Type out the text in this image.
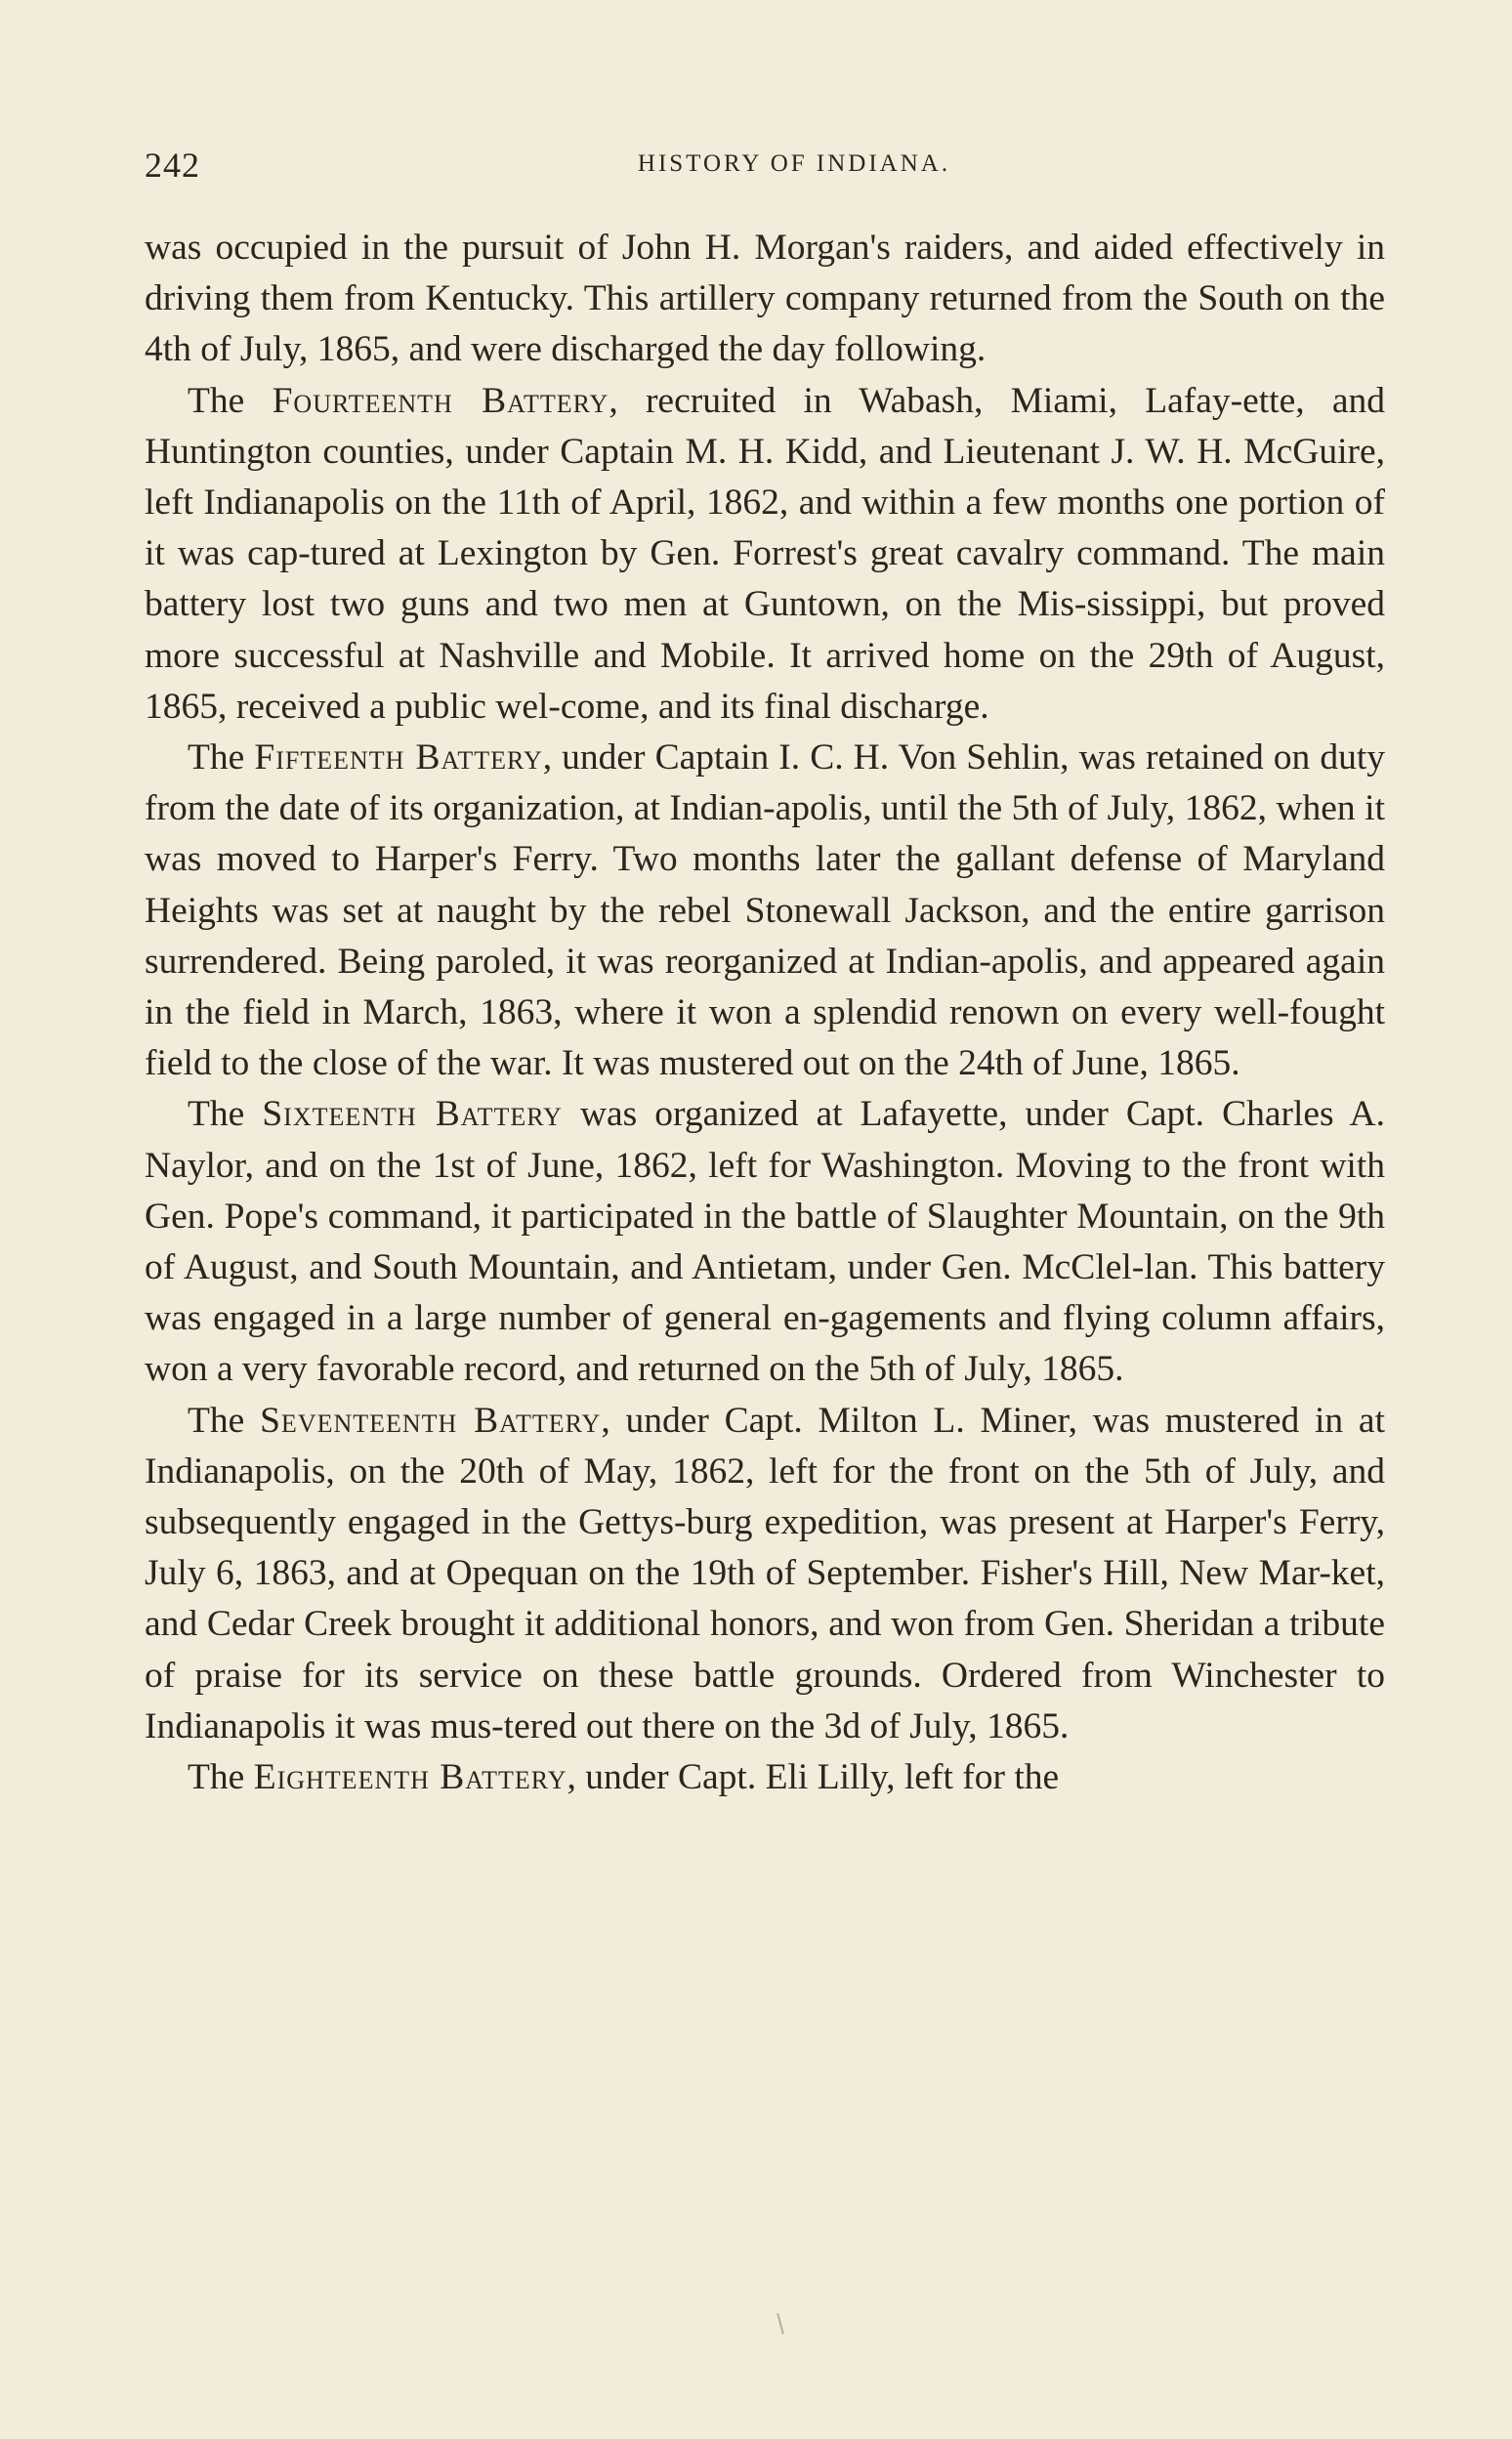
242	HISTORY OF INDIANA.

was occupied in the pursuit of John H. Morgan's raiders, and aided effectively in driving them from Kentucky. This artillery company returned from the South on the 4th of July, 1865, and were discharged the day following.

The Fourteenth Battery, recruited in Wabash, Miami, Lafay-ette, and Huntington counties, under Captain M. H. Kidd, and Lieutenant J. W. H. McGuire, left Indianapolis on the 11th of April, 1862, and within a few months one portion of it was cap-tured at Lexington by Gen. Forrest's great cavalry command. The main battery lost two guns and two men at Guntown, on the Mis-sissippi, but proved more successful at Nashville and Mobile. It arrived home on the 29th of August, 1865, received a public wel-come, and its final discharge.

The Fifteenth Battery, under Captain I. C. H. Von Sehlin, was retained on duty from the date of its organization, at Indian-apolis, until the 5th of July, 1862, when it was moved to Harper's Ferry. Two months later the gallant defense of Maryland Heights was set at naught by the rebel Stonewall Jackson, and the entire garrison surrendered. Being paroled, it was reorganized at Indian-apolis, and appeared again in the field in March, 1863, where it won a splendid renown on every well-fought field to the close of the war. It was mustered out on the 24th of June, 1865.

The Sixteenth Battery was organized at Lafayette, under Capt. Charles A. Naylor, and on the 1st of June, 1862, left for Washington. Moving to the front with Gen. Pope's command, it participated in the battle of Slaughter Mountain, on the 9th of August, and South Mountain, and Antietam, under Gen. McClel-lan. This battery was engaged in a large number of general en-gagements and flying column affairs, won a very favorable record, and returned on the 5th of July, 1865.

The Seventeenth Battery, under Capt. Milton L. Miner, was mustered in at Indianapolis, on the 20th of May, 1862, left for the front on the 5th of July, and subsequently engaged in the Gettys-burg expedition, was present at Harper's Ferry, July 6, 1863, and at Opequan on the 19th of September. Fisher's Hill, New Mar-ket, and Cedar Creek brought it additional honors, and won from Gen. Sheridan a tribute of praise for its service on these battle grounds. Ordered from Winchester to Indianapolis it was mus-tered out there on the 3d of July, 1865.

The Eighteenth Battery, under Capt. Eli Lilly, left for the
